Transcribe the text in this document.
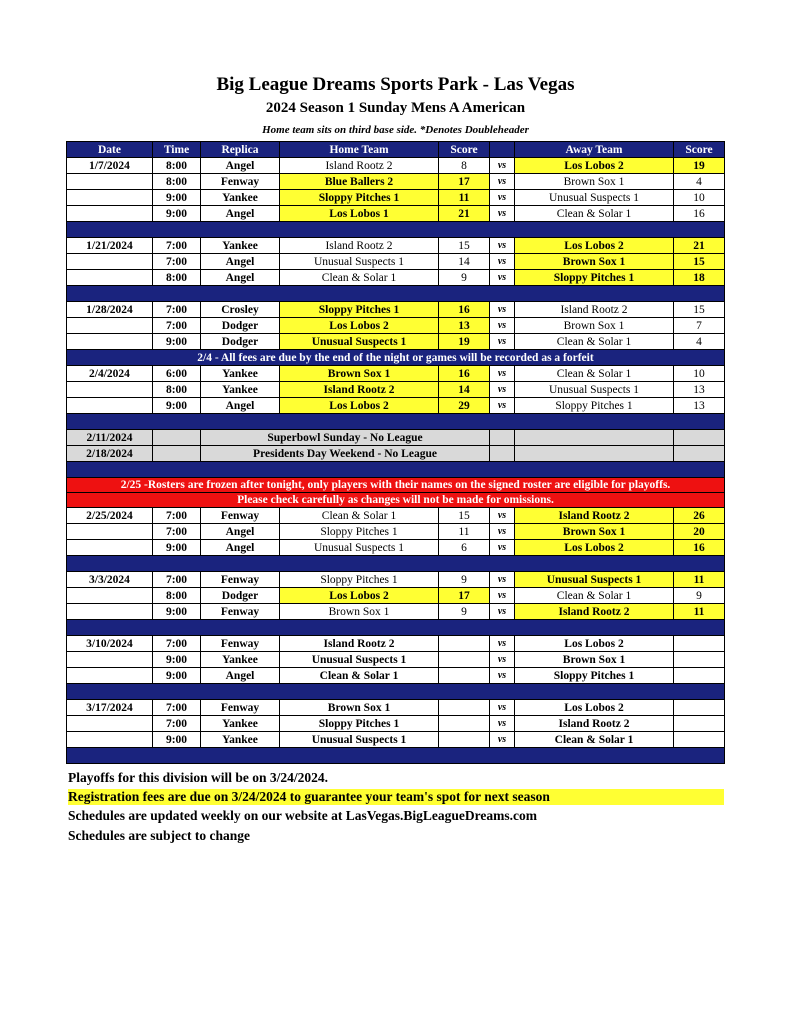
Big League Dreams Sports Park - Las Vegas
2024 Season 1 Sunday Mens A American
Home team sits on third base side. *Denotes Doubleheader
Date	Time	Replica	Home Team	Score		Away Team	Score
1/7/2024	8:00	Angel	Island Rootz 2	8	vs	Los Lobos 2	19
	8:00	Fenway	Blue Ballers 2	17	vs	Brown Sox 1	4
	9:00	Yankee	Sloppy Pitches 1	11	vs	Unusual Suspects 1	10
	9:00	Angel	Los Lobos 1	21	vs	Clean & Solar 1	16

1/21/2024	7:00	Yankee	Island Rootz 2	15	vs	Los Lobos 2	21
	7:00	Angel	Unusual Suspects 1	14	vs	Brown Sox 1	15
	8:00	Angel	Clean & Solar 1	9	vs	Sloppy Pitches 1	18

1/28/2024	7:00	Crosley	Sloppy Pitches 1	16	vs	Island Rootz 2	15
	7:00	Dodger	Los Lobos 2	13	vs	Brown Sox 1	7
	9:00	Dodger	Unusual Suspects 1	19	vs	Clean & Solar 1	4
2/4 - All fees are due by the end of the night or games will be recorded as a forfeit							
2/4/2024	6:00	Yankee	Brown Sox 1	16	vs	Clean & Solar 1	10
	8:00	Yankee	Island Rootz 2	14	vs	Unusual Suspects 1	13
	9:00	Angel	Los Lobos 2	29	vs	Sloppy Pitches 1	13

2/11/2024		Superbowl Sunday - No League					
2/18/2024		Presidents Day Weekend - No League					

2/25 -Rosters are frozen after tonight, only players with their names on the signed roster are eligible for playoffs.							
Please check carefully as changes will not be made for omissions.							
2/25/2024	7:00	Fenway	Clean & Solar 1	15	vs	Island Rootz 2	26
	7:00	Angel	Sloppy Pitches 1	11	vs	Brown Sox 1	20
	9:00	Angel	Unusual Suspects 1	6	vs	Los Lobos 2	16

3/3/2024	7:00	Fenway	Sloppy Pitches 1	9	vs	Unusual Suspects 1	11
	8:00	Dodger	Los Lobos 2	17	vs	Clean & Solar 1	9
	9:00	Fenway	Brown Sox 1	9	vs	Island Rootz 2	11

3/10/2024	7:00	Fenway	Island Rootz 2		vs	Los Lobos 2	
	9:00	Yankee	Unusual Suspects 1		vs	Brown Sox 1	
	9:00	Angel	Clean & Solar 1		vs	Sloppy Pitches 1	

3/17/2024	7:00	Fenway	Brown Sox 1		vs	Los Lobos 2	
	7:00	Yankee	Sloppy Pitches 1		vs	Island Rootz 2	
	9:00	Yankee	Unusual Suspects 1		vs	Clean & Solar 1	

Playoffs for this division will be on 3/24/2024.
Registration fees are due on 3/24/2024 to guarantee your team's spot for next season
Schedules are updated weekly on our website at LasVegas.BigLeagueDreams.com
Schedules are subject to change
